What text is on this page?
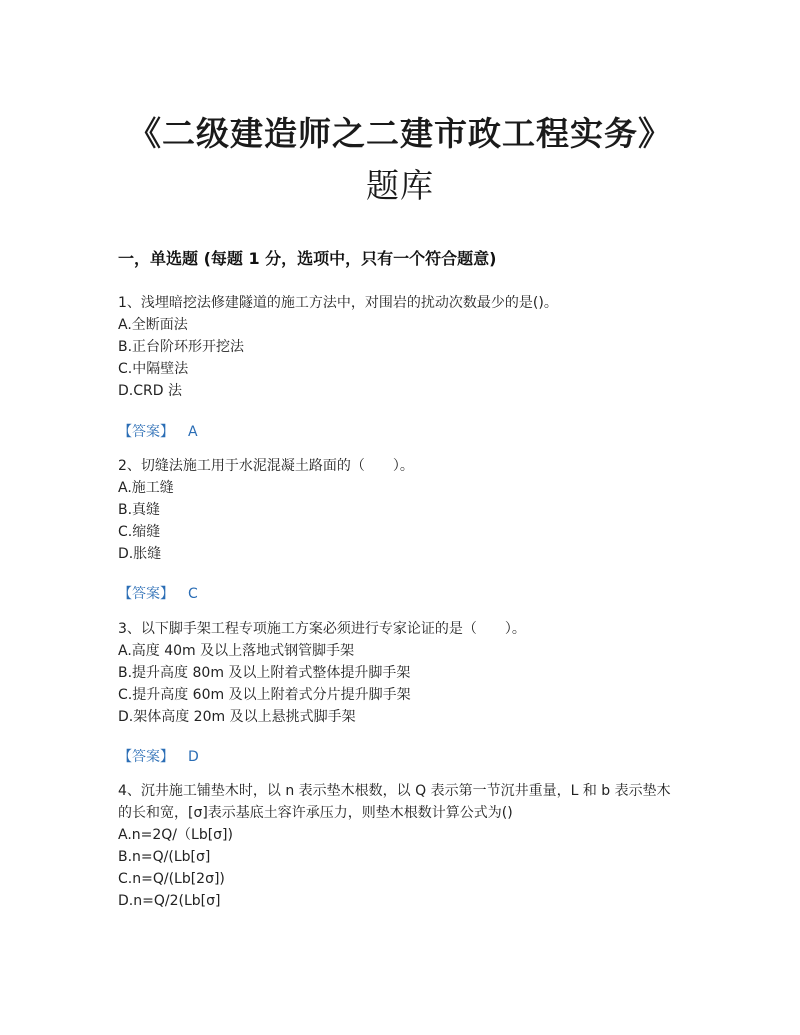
《二级建造师之二建市政工程实务》
题库
一，单选题 (每题 1 分，选项中，只有一个符合题意)

1、浅埋暗挖法修建隧道的施工方法中，对围岩的扰动次数最少的是()。

A.全断面法

B.正台阶环形开挖法

C.中隔壁法

D.CRD 法

【答案】 A

2、切缝法施工用于水泥混凝土路面的（　　）。

A.施工缝

B.真缝

C.缩缝

D.胀缝

【答案】 C

3、以下脚手架工程专项施工方案必须进行专家论证的是（　　）。

A.高度 40m 及以上落地式钢管脚手架

B.提升高度 80m 及以上附着式整体提升脚手架

C.提升高度 60m 及以上附着式分片提升脚手架

D.架体高度 20m 及以上悬挑式脚手架

【答案】 D

4、沉井施工铺垫木时，以 n 表示垫木根数，以 Q 表示第一节沉井重量，L 和 b 表示垫木的长和宽，[σ]表示基底土容许承压力，则垫木根数计算公式为()

A.n=2Q/（Lb[σ])

B.n=Q/(Lb[σ]

C.n=Q/(Lb[2σ])

D.n=Q/2(Lb[σ]
